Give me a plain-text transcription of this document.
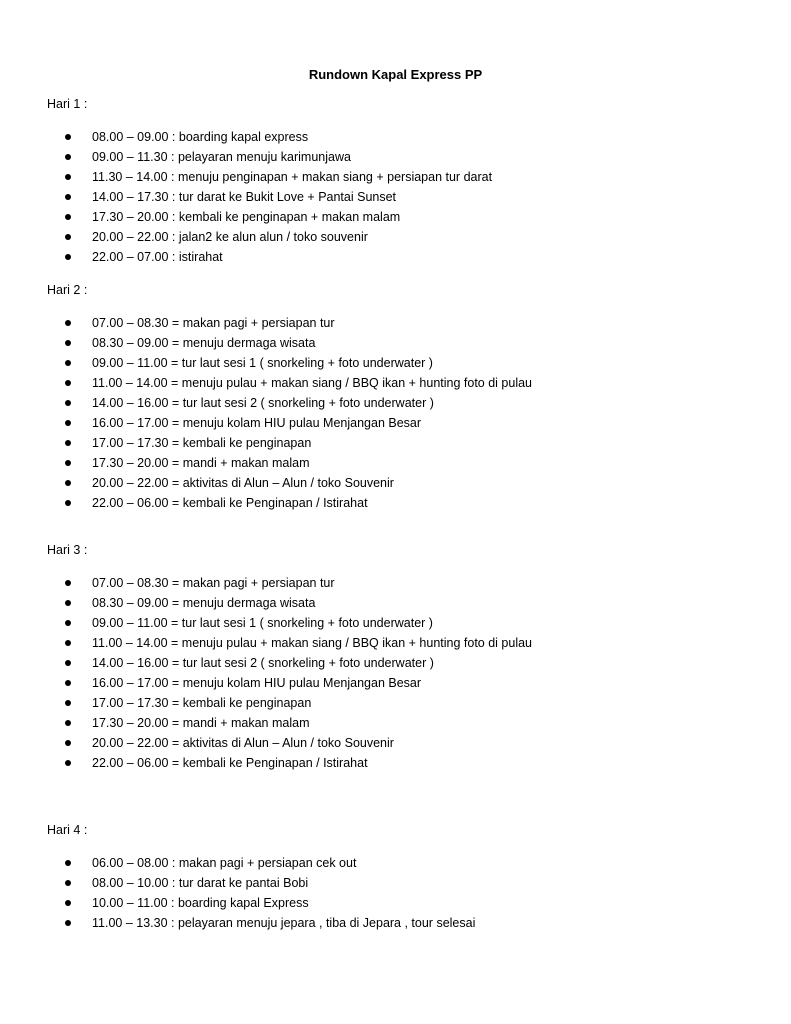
Rundown Kapal Express PP
Hari 1 :
08.00 – 09.00 : boarding kapal express
09.00 – 11.30 : pelayaran menuju karimunjawa
11.30 – 14.00 : menuju penginapan + makan siang + persiapan tur darat
14.00 – 17.30 : tur darat ke Bukit Love + Pantai Sunset
17.30 – 20.00 : kembali ke penginapan + makan malam
20.00 – 22.00 : jalan2 ke alun alun / toko souvenir
22.00 – 07.00 : istirahat
Hari 2 :
07.00 – 08.30 = makan pagi + persiapan tur
08.30 – 09.00 = menuju dermaga wisata
09.00 – 11.00 = tur laut sesi 1 ( snorkeling + foto underwater )
11.00 – 14.00 = menuju pulau + makan siang / BBQ ikan + hunting foto di pulau
14.00 – 16.00 = tur laut sesi 2 ( snorkeling + foto underwater )
16.00 – 17.00 = menuju kolam HIU pulau Menjangan Besar
17.00 – 17.30 = kembali ke penginapan
17.30 – 20.00 = mandi + makan malam
20.00 – 22.00 = aktivitas di Alun – Alun / toko Souvenir
22.00 – 06.00 = kembali ke Penginapan / Istirahat
Hari 3 :
07.00 – 08.30 = makan pagi + persiapan tur
08.30 – 09.00 = menuju dermaga wisata
09.00 – 11.00 = tur laut sesi 1 ( snorkeling + foto underwater )
11.00 – 14.00 = menuju pulau + makan siang / BBQ ikan + hunting foto di pulau
14.00 – 16.00 = tur laut sesi 2 ( snorkeling + foto underwater )
16.00 – 17.00 = menuju kolam HIU pulau Menjangan Besar
17.00 – 17.30 = kembali ke penginapan
17.30 – 20.00 = mandi + makan malam
20.00 – 22.00 = aktivitas di Alun – Alun / toko Souvenir
22.00 – 06.00 = kembali ke Penginapan / Istirahat
Hari 4 :
06.00 – 08.00 : makan pagi + persiapan cek out
08.00 – 10.00 : tur darat ke pantai Bobi
10.00 – 11.00 : boarding kapal Express
11.00 – 13.30 : pelayaran menuju jepara , tiba di Jepara , tour selesai
